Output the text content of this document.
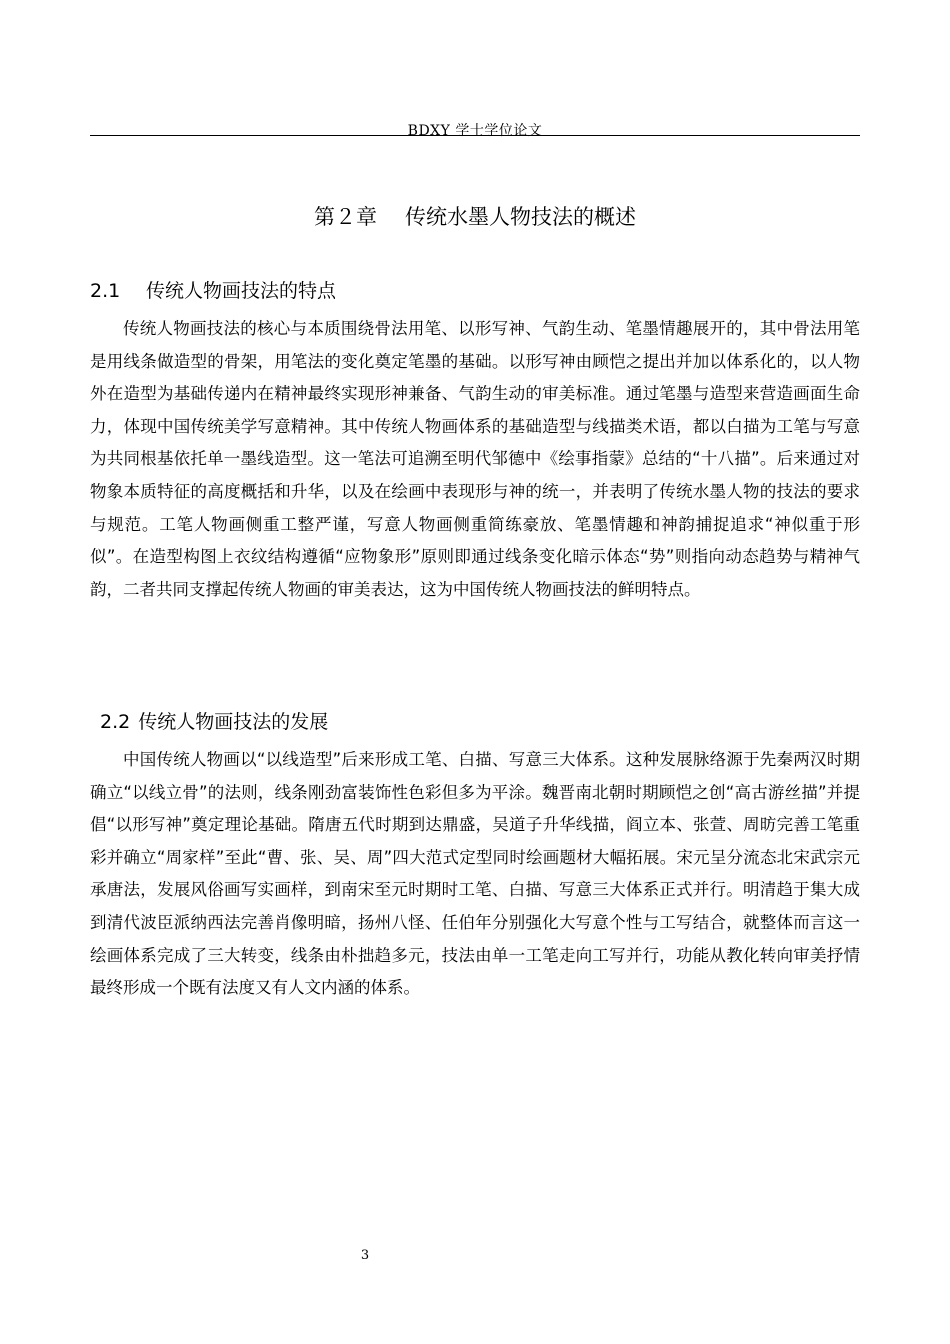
BDXY 学士学位论文
第２章 传统水墨人物技法的概述
2.1 传统人物画技法的特点

传统人物画技法的核心与本质围绕骨法用笔、以形写神、气韵生动、笔墨情趣展开的，其中骨法用笔是用线条做造型的骨架，用笔法的变化奠定笔墨的基础。以形写神由顾恺之提出并加以体系化的，以人物外在造型为基础传递内在精神最终实现形神兼备、气韵生动的审美标准。通过笔墨与造型来营造画面生命力，体现中国传统美学写意精神。其中传统人物画体系的基础造型与线描类术语，都以白描为工笔与写意为共同根基依托单一墨线造型。这一笔法可追溯至明代邹德中《绘事指蒙》总结的“十八描”。后来通过对物象本质特征的高度概括和升华，以及在绘画中表现形与神的统一，并表明了传统水墨人物的技法的要求与规范。工笔人物画侧重工整严谨，写意人物画侧重简练豪放、笔墨情趣和神韵捕捉追求“神似重于形似”。在造型构图上衣纹结构遵循“应物象形”原则即通过线条变化暗示体态“势”则指向动态趋势与精神气韵，二者共同支撑起传统人物画的审美表达，这为中国传统人物画技法的鲜明特点。

2.2 传统人物画技法的发展

中国传统人物画以“以线造型”后来形成工笔、白描、写意三大体系。这种发展脉络源于先秦两汉时期确立“以线立骨”的法则，线条刚劲富装饰性色彩但多为平涂。魏晋南北朝时期顾恺之创“高古游丝描”并提倡“以形写神”奠定理论基础。隋唐五代时期到达鼎盛，吴道子升华线描，阎立本、张萱、周昉完善工笔重彩并确立“周家样”至此“曹、张、吴、周”四大范式定型同时绘画题材大幅拓展。宋元呈分流态北宋武宗元承唐法，发展风俗画写实画样，到南宋至元时期时工笔、白描、写意三大体系正式并行。明清趋于集大成到清代波臣派纳西法完善肖像明暗，扬州八怪、任伯年分别强化大写意个性与工写结合，就整体而言这一绘画体系完成了三大转变，线条由朴拙趋多元，技法由单一工笔走向工写并行，功能从教化转向审美抒情最终形成一个既有法度又有人文内涵的体系。

3
